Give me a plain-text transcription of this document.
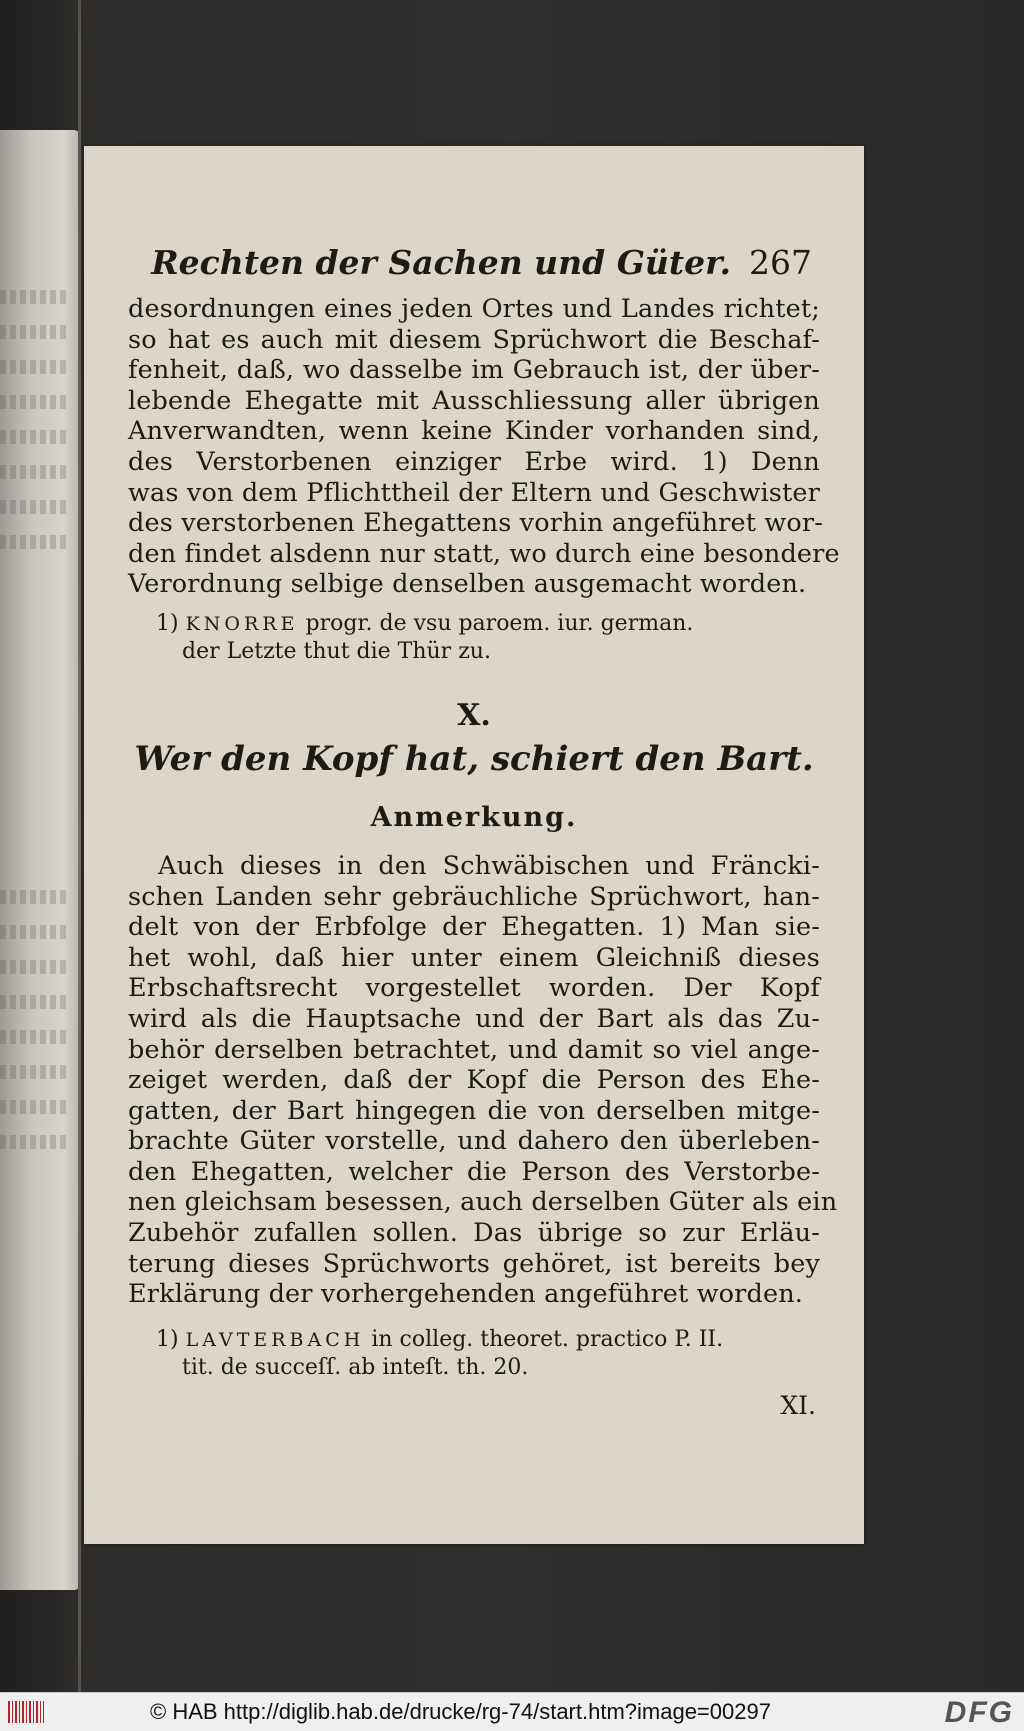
Rechten der Sachen und Güter. 267
desordnungen eines jeden Ortes und Landes richtet;
so hat es auch mit diesem Sprüchwort die Beschaf-
fenheit, daß, wo dasselbe im Gebrauch ist, der über-
lebende Ehegatte mit Ausschliessung aller übrigen
Anverwandten, wenn keine Kinder vorhanden sind,
des Verstorbenen einziger Erbe wird. 1) Denn
was von dem Pflichttheil der Eltern und Geschwister
des verstorbenen Ehegattens vorhin angeführet wor-
den findet alsdenn nur statt, wo durch eine besondere
Verordnung selbige denselben ausgemacht worden.
1) KNORRE progr. de vsu paroem. iur. german.
der Letzte thut die Thür zu.
X.
Wer den Kopf hat, schiert den Bart.
Anmerkung.
Auch dieses in den Schwäbischen und Fräncki-
schen Landen sehr gebräuchliche Sprüchwort, han-
delt von der Erbfolge der Ehegatten. 1) Man sie-
het wohl, daß hier unter einem Gleichniß dieses
Erbschaftsrecht vorgestellet worden. Der Kopf
wird als die Hauptsache und der Bart als das Zu-
behör derselben betrachtet, und damit so viel ange-
zeiget werden, daß der Kopf die Person des Ehe-
gatten, der Bart hingegen die von derselben mitge-
brachte Güter vorstelle, und dahero den überleben-
den Ehegatten, welcher die Person des Verstorbe-
nen gleichsam besessen, auch derselben Güter als ein
Zubehör zufallen sollen. Das übrige so zur Erläu-
terung dieses Sprüchworts gehöret, ist bereits bey
Erklärung der vorhergehenden angeführet worden.
1) LAVTERBACH in colleg. theoret. practico P. II.
tit. de succeſſ. ab inteſt. th. 20.
XI.
© HAB http://diglib.hab.de/drucke/rg-74/start.htm?image=00297	DFG
